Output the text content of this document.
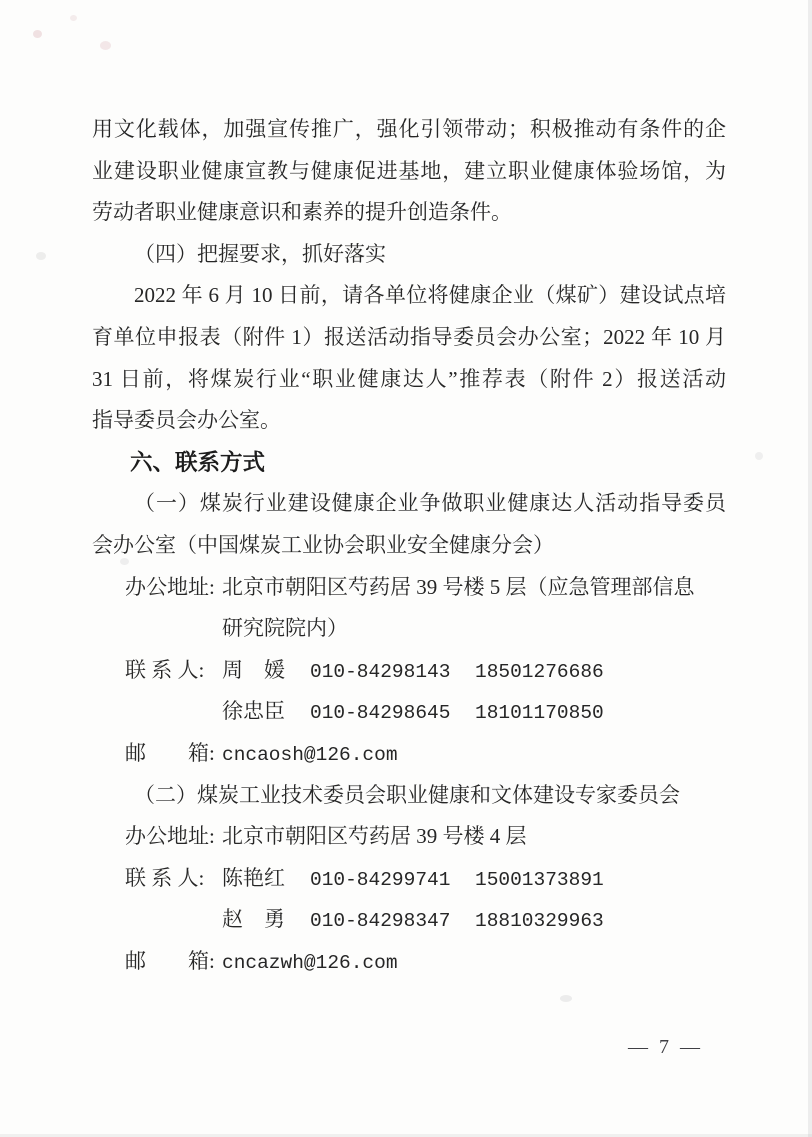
用文化载体，加强宣传推广，强化引领带动；积极推动有条件的企
业建设职业健康宣教与健康促进基地，建立职业健康体验场馆，为
劳动者职业健康意识和素养的提升创造条件。
（四）把握要求，抓好落实
2022 年 6 月 10 日前，请各单位将健康企业（煤矿）建设试点培
育单位申报表（附件 1）报送活动指导委员会办公室；2022 年 10 月
31 日前，将煤炭行业“职业健康达人”推荐表（附件 2）报送活动
指导委员会办公室。
六、联系方式
（一）煤炭行业建设健康企业争做职业健康达人活动指导委员
会办公室（中国煤炭工业协会职业安全健康分会）
办公地址: 北京市朝阳区芍药居 39 号楼 5 层（应急管理部信息
研究院院内）
联 系 人: 周　媛 010-84298143 18501276686
徐忠臣 010-84298645 18101170850
邮　　箱: cncaosh@126.com
（二）煤炭工业技术委员会职业健康和文体建设专家委员会
办公地址: 北京市朝阳区芍药居 39 号楼 4 层
联 系 人: 陈艳红 010-84299741 15001373891
赵　勇 010-84298347 18810329963
邮　　箱: cncazwh@126.com
— 7 —
